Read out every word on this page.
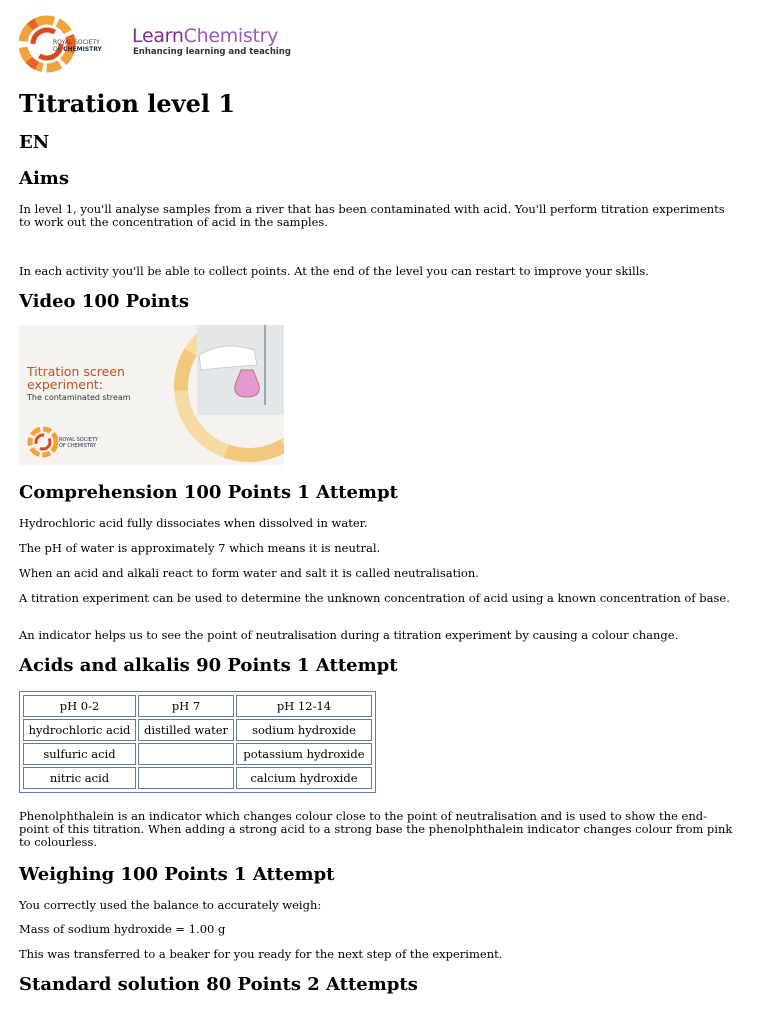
ROYAL SOCIETY
OF CHEMISTRY
LearnChemistry
Enhancing learning and teaching
Titration level 1
EN
Aims

In level 1, you'll analyse samples from a river that has been contaminated with acid. You'll perform titration experiments to work out the concentration of acid in the samples.

In each activity you'll be able to collect points. At the end of the level you can restart to improve your skills.

Video 100 Points
Titration screen experiment:
The contaminated stream
ROYAL SOCIETY
OF CHEMISTRY
Comprehension 100 Points 1 Attempt

Hydrochloric acid fully dissociates when dissolved in water.

The pH of water is approximately 7 which means it is neutral.

When an acid and alkali react to form water and salt it is called neutralisation.

A titration experiment can be used to determine the unknown concentration of acid using a known concentration of base.

An indicator helps us to see the point of neutralisation during a titration experiment by causing a colour change.

Acids and alkalis 90 Points 1 Attempt
pH 0-2	pH 7	pH 12-14
hydrochloric acid	distilled water	sodium hydroxide
sulfuric acid		potassium hydroxide
nitric acid		calcium hydroxide

Phenolphthalein is an indicator which changes colour close to the point of neutralisation and is used to show the end-point of this titration. When adding a strong acid to a strong base the phenolphthalein indicator changes colour from pink to colourless.

Weighing 100 Points 1 Attempt

You correctly used the balance to accurately weigh:

Mass of sodium hydroxide = 1.00 g

This was transferred to a beaker for you ready for the next step of the experiment.

Standard solution 80 Points 2 Attempts
